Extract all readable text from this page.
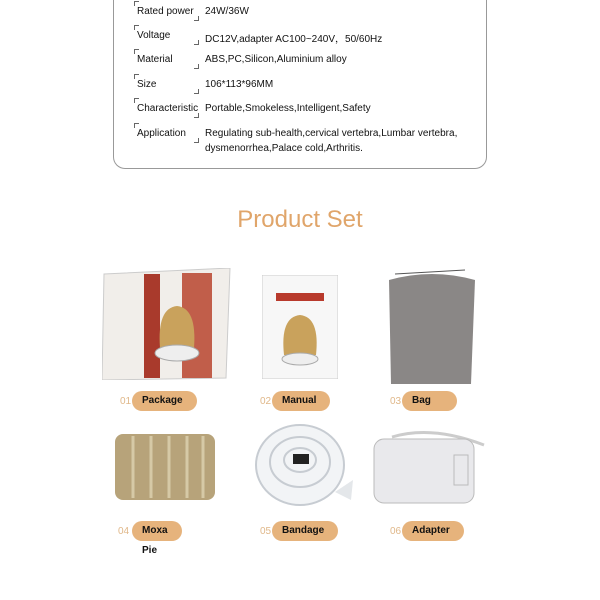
Rated power	24W/36W
Voltage	DC12V,adapter AC100~240V，50/60Hz
Material	ABS,PC,Silicon,Aluminium alloy
Size	106*113*96MM
Characteristic Portable,Smokeless,Intelligent,Safety
Application	Regulating sub-health,cervical vertebra,Lumbar vertebra,
dysmenorrhea,Palace cold,Arthritis.
Product Set
01	Package	02	Manual	03	Bag
04	Moxa Pie
05	Bandage	06	Adapter
